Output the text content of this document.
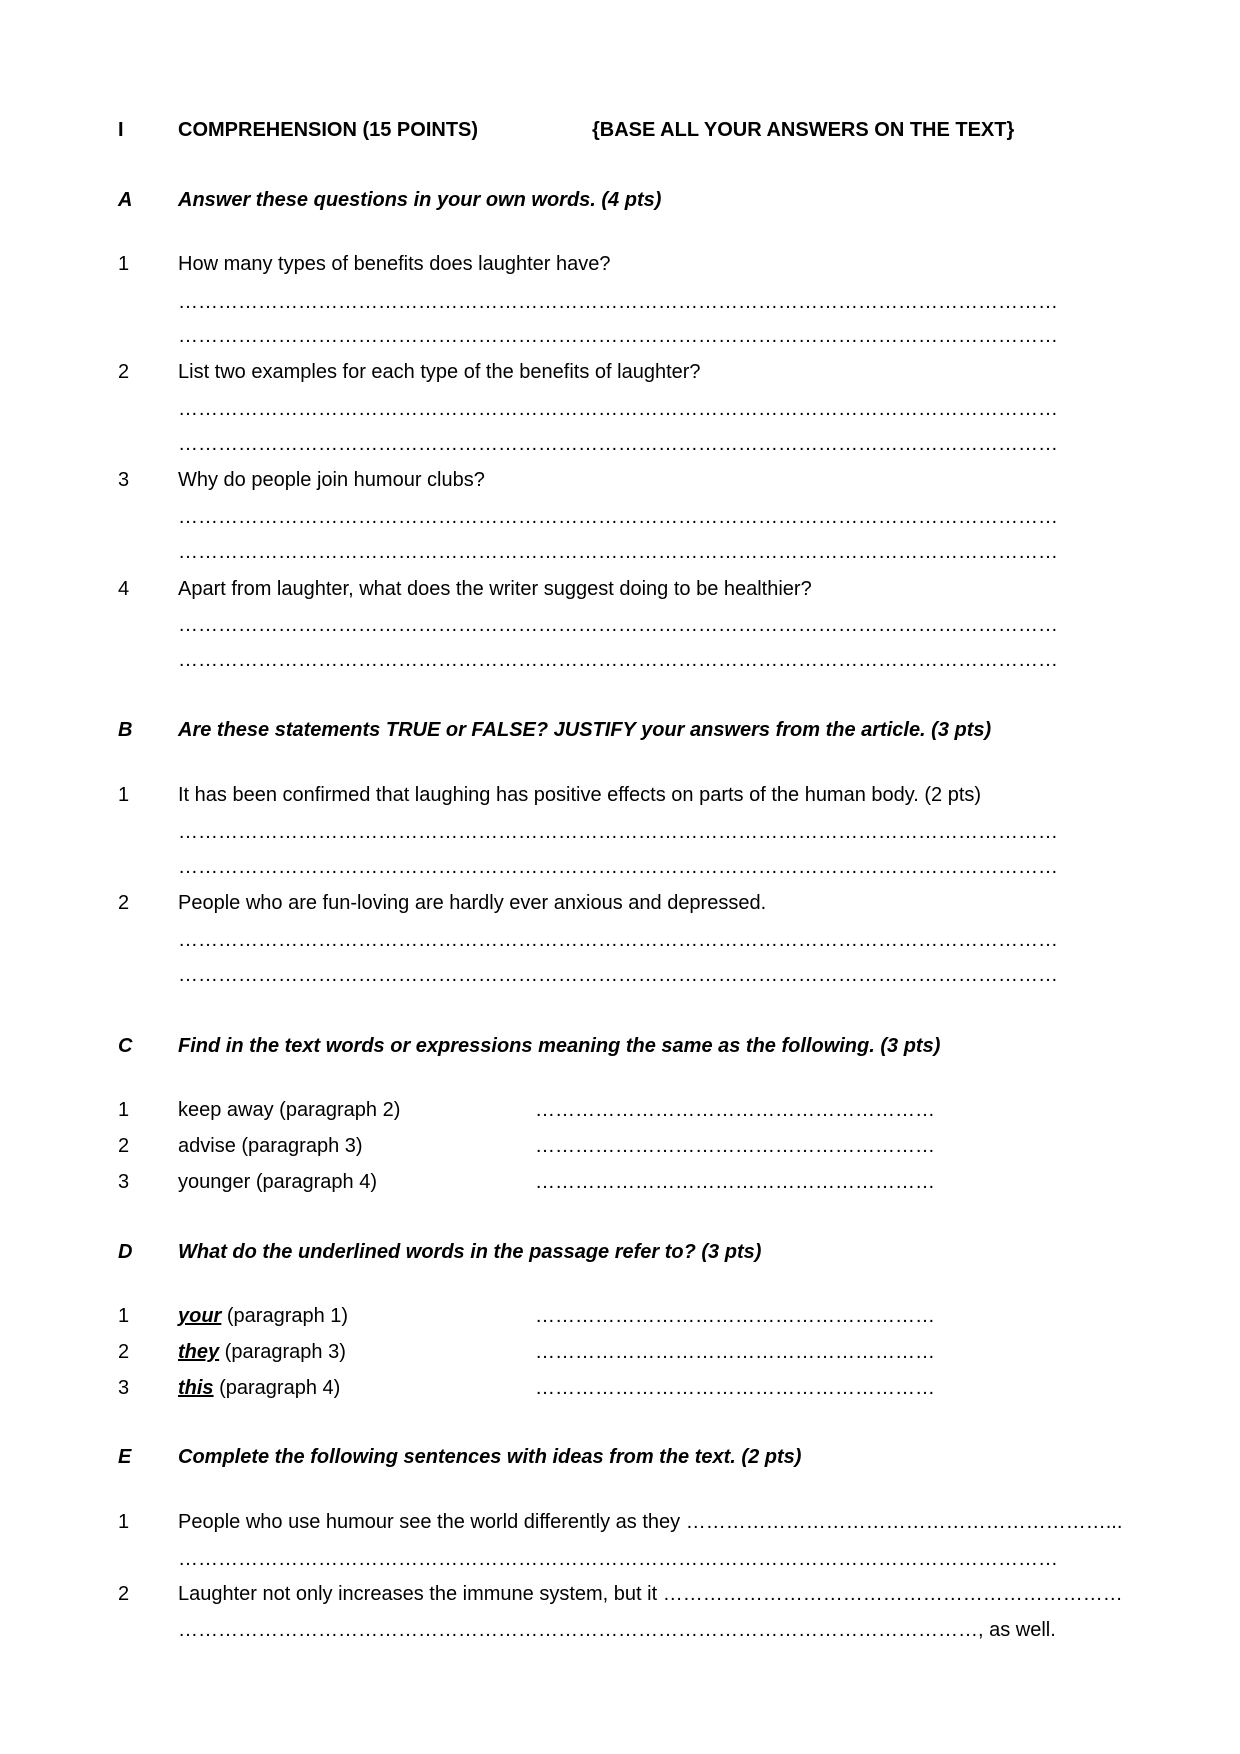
I	COMPREHENSION (15 POINTS)	{BASE ALL YOUR ANSWERS ON THE TEXT}
A	Answer these questions in your own words. (4 pts)
1	How many types of benefits does laughter have?
……………………………………………………………………………………………………………………
……………………………………………………………………………………………………………………
2	List two examples for each type of the benefits of laughter?
……………………………………………………………………………………………………………………
……………………………………………………………………………………………………………………
3	Why do people join humour clubs?
……………………………………………………………………………………………………………………
……………………………………………………………………………………………………………………
4	Apart from laughter, what does the writer suggest doing to be healthier?
……………………………………………………………………………………………………………………
……………………………………………………………………………………………………………………
B	Are these statements TRUE or FALSE? JUSTIFY your answers from the article. (3 pts)
1	It has been confirmed that laughing has positive effects on parts of the human body. (2 pts)
……………………………………………………………………………………………………………………
……………………………………………………………………………………………………………………
2	People who are fun-loving are hardly ever anxious and depressed.
……………………………………………………………………………………………………………………
……………………………………………………………………………………………………………………
C	Find in the text words or expressions meaning the same as the following. (3 pts)
1	keep away (paragraph 2)	……………………………………………………
2	advise (paragraph 3)	……………………………………………………
3	younger (paragraph 4)	……………………………………………………
D	What do the underlined words in the passage refer to? (3 pts)
1	your (paragraph 1)	……………………………………………………
2	they (paragraph 3)	……………………………………………………
3	this (paragraph 4)	……………………………………………………
E	Complete the following sentences with ideas from the text. (2 pts)
1	People who use humour see the world differently as they ………………………………………………………...
……………………………………………………………………………………………………………………
2	Laughter not only increases the immune system, but it ……………………………………………………………
…………………………………………………………………………………………………………, as well.
